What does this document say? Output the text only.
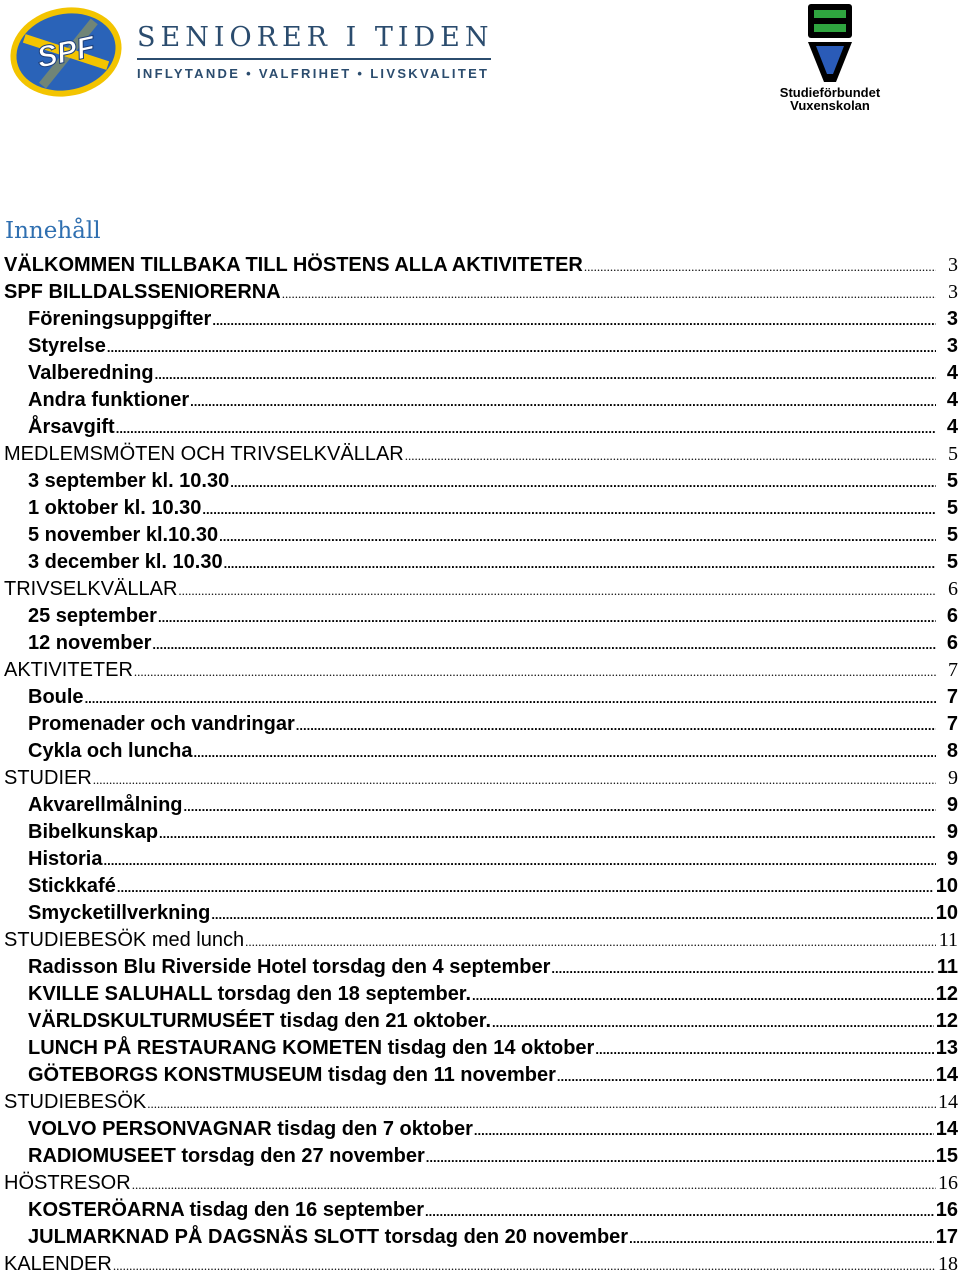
SPF SENIORER I TIDEN
INFLYTANDE • VALFRIHET • LIVSKVALITET
Studieförbundet
Vuxenskolan
Innehåll
VÄLKOMMEN TILLBAKA TILL HÖSTENS ALLA AKTIVITETER .....	3
SPF BILLDALSSENIORERNA .....	3
Föreningsuppgifter .....	3
Styrelse .....	3
Valberedning .....	4
Andra funktioner .....	4
Årsavgift .....	4
MEDLEMSMÖTEN OCH TRIVSELKVÄLLAR .....	5
3 september kl. 10.30 .....	5
1 oktober kl. 10.30 .....	5
5 november kl.10.30 .....	5
3 december kl. 10.30 .....	5
TRIVSELKVÄLLAR .....	6
25 september .....	6
12 november .....	6
AKTIVITETER .....	7
Boule .....	7
Promenader och vandringar .....	7
Cykla och luncha .....	8
STUDIER .....	9
Akvarellmålning .....	9
Bibelkunskap .....	9
Historia .....	9
Stickkafé .....	10
Smycketillverkning .....	10
STUDIEBESÖK med lunch .....	11
Radisson Blu Riverside Hotel torsdag den 4 september .....	11
KVILLE SALUHALL torsdag den 18 september. .....	12
VÄRLDSKULTURMUSÉET tisdag den 21 oktober. .....	12
LUNCH PÅ RESTAURANG KOMETEN tisdag den 14 oktober .....	13
GÖTEBORGS KONSTMUSEUM tisdag den 11 november .....	14
STUDIEBESÖK .....	14
VOLVO PERSONVAGNAR tisdag den 7 oktober .....	14
RADIOMUSEET torsdag den 27 november .....	15
HÖSTRESOR .....	16
KOSTERÖARNA tisdag den 16 september .....	16
JULMARKNAD PÅ DAGSNÄS SLOTT torsdag den 20 november .....	17
KALENDER .....	18
